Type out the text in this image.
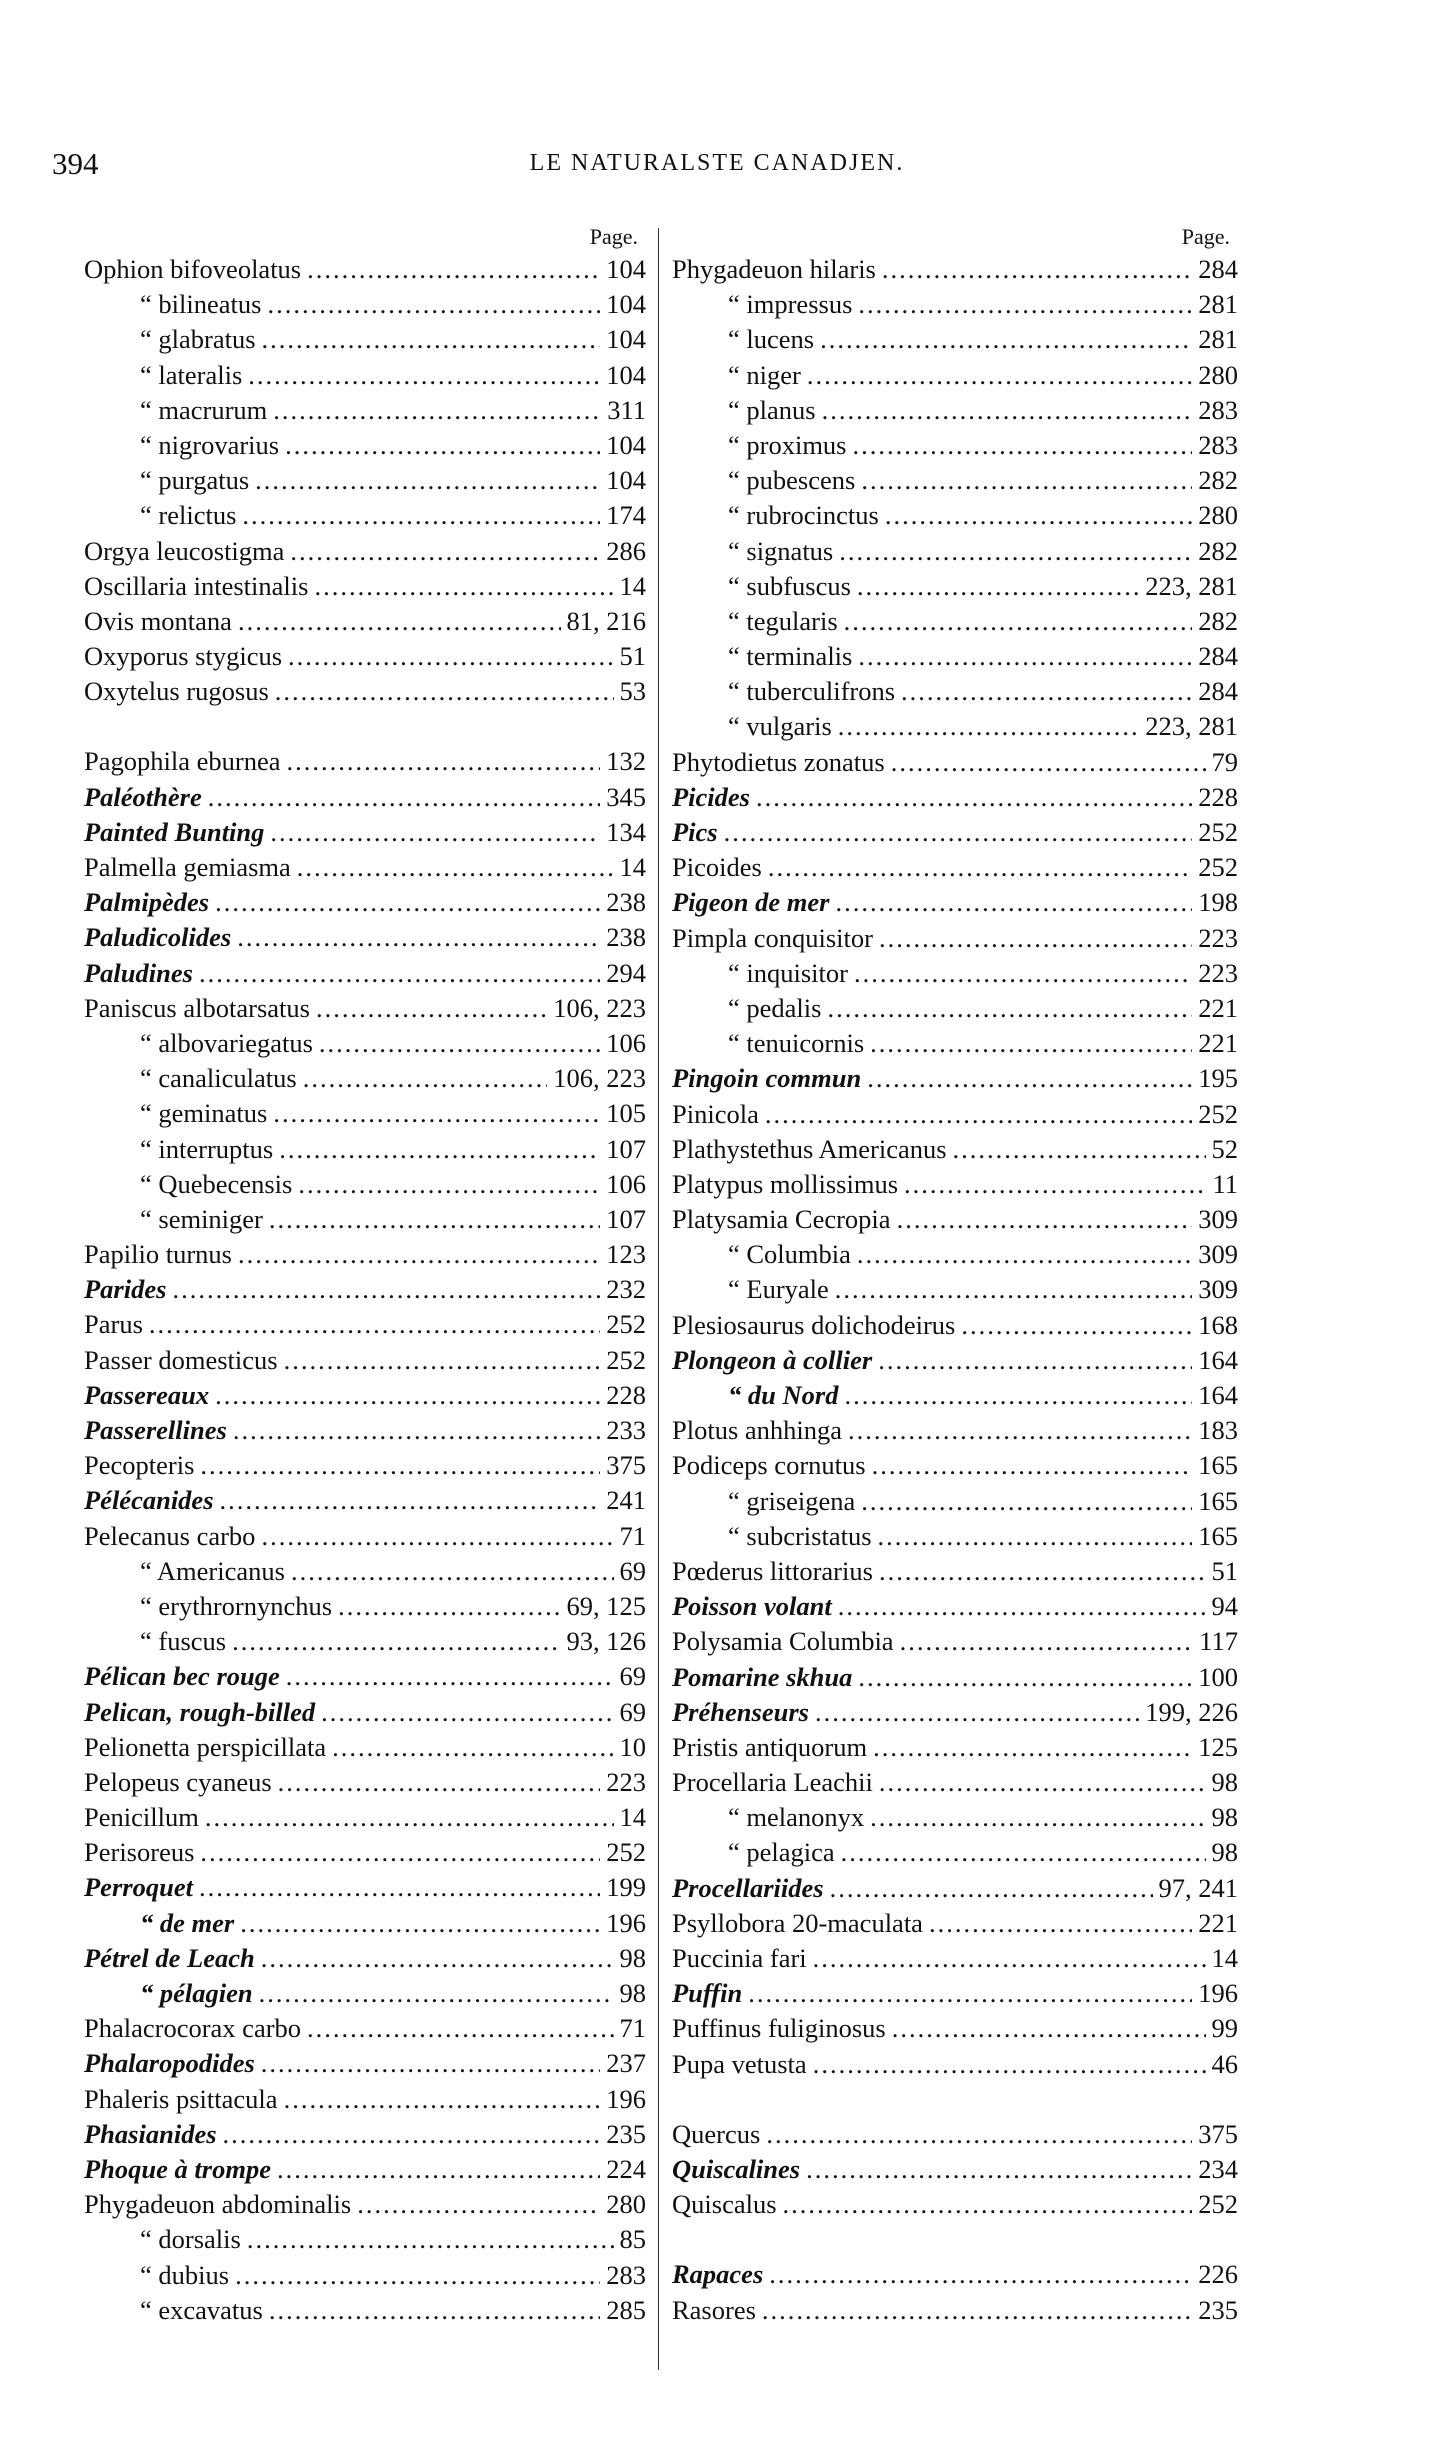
394	LE NATURALSTE CANADJEN.
Page.
Ophion bifoveolatus .....	104
“ bilineatus .....	104
“ glabratus .....	104
“ lateralis .....	104
“ macrurum .....	311
“ nigrovarius .....	104
“ purgatus .....	104
“ relictus .....	174
Orgya leucostigma .....	286
Oscillaria intestinalis .....	14
Ovis montana .....	81, 216
Oxyporus stygicus .....	51
Oxytelus rugosus .....	53
Pagophila eburnea .....	132
Paléothère .....	345
Painted Bunting .....	134
Palmella gemiasma .....	14
Palmipèdes .....	238
Paludicolides .....	238
Paludines .....	294
Paniscus albotarsatus .....	106, 223
“ albovariegatus .....	106
“ canaliculatus .....	106, 223
“ geminatus .....	105
“ interruptus .....	107
“ Quebecensis .....	106
“ seminiger .....	107
Papilio turnus .....	123
Parides .....	232
Parus .....	252
Passer domesticus .....	252
Passereaux .....	228
Passerellines .....	233
Pecopteris .....	375
Pélécanides .....	241
Pelecanus carbo .....	71
“ Americanus .....	69
“ erythrornynchus .....	69, 125
“ fuscus .....	93, 126
Pélican bec rouge .....	69
Pelican, rough-billed .....	69
Pelionetta perspicillata .....	10
Pelopeus cyaneus .....	223
Penicillum .....	14
Perisoreus .....	252
Perroquet .....	199
“ de mer .....	196
Pétrel de Leach .....	98
“ pélagien .....	98
Phalacrocorax carbo .....	71
Phalaropodides .....	237
Phaleris psittacula .....	196
Phasianides .....	235
Phoque à trompe .....	224
Phygadeuon abdominalis .....	280
“ dorsalis .....	85
“ dubius .....	283
“ excavatus .....	285
Page.
Phygadeuon hilaris .....	284
“ impressus .....	281
“ lucens .....	281
“ niger .....	280
“ planus .....	283
“ proximus .....	283
“ pubescens .....	282
“ rubrocinctus .....	280
“ signatus .....	282
“ subfuscus .....	223, 281
“ tegularis .....	282
“ terminalis .....	284
“ tuberculifrons .....	284
“ vulgaris .....	223, 281
Phytodietus zonatus .....	79
Picides .....	228
Pics .....	252
Picoides .....	252
Pigeon de mer .....	198
Pimpla conquisitor .....	223
“ inquisitor .....	223
“ pedalis .....	221
“ tenuicornis .....	221
Pingoin commun .....	195
Pinicola .....	252
Plathystethus Americanus .....	52
Platypus mollissimus .....	11
Platysamia Cecropia .....	309
“ Columbia .....	309
“ Euryale .....	309
Plesiosaurus dolichodeirus .....	168
Plongeon à collier .....	164
“ du Nord .....	164
Plotus anhhinga .....	183
Podiceps cornutus .....	165
“ griseigena .....	165
“ subcristatus .....	165
Pœderus littorarius .....	51
Poisson volant .....	94
Polysamia Columbia .....	117
Pomarine skhua .....	100
Préhenseurs .....	199, 226
Pristis antiquorum .....	125
Procellaria Leachii .....	98
“ melanonyx .....	98
“ pelagica .....	98
Procellariides .....	97, 241
Psyllobora 20-maculata .....	221
Puccinia fari .....	14
Puffin .....	196
Puffinus fuliginosus .....	99
Pupa vetusta .....	46
Quercus .....	375
Quiscalines .....	234
Quiscalus .....	252
Rapaces .....	226
Rasores .....	235
